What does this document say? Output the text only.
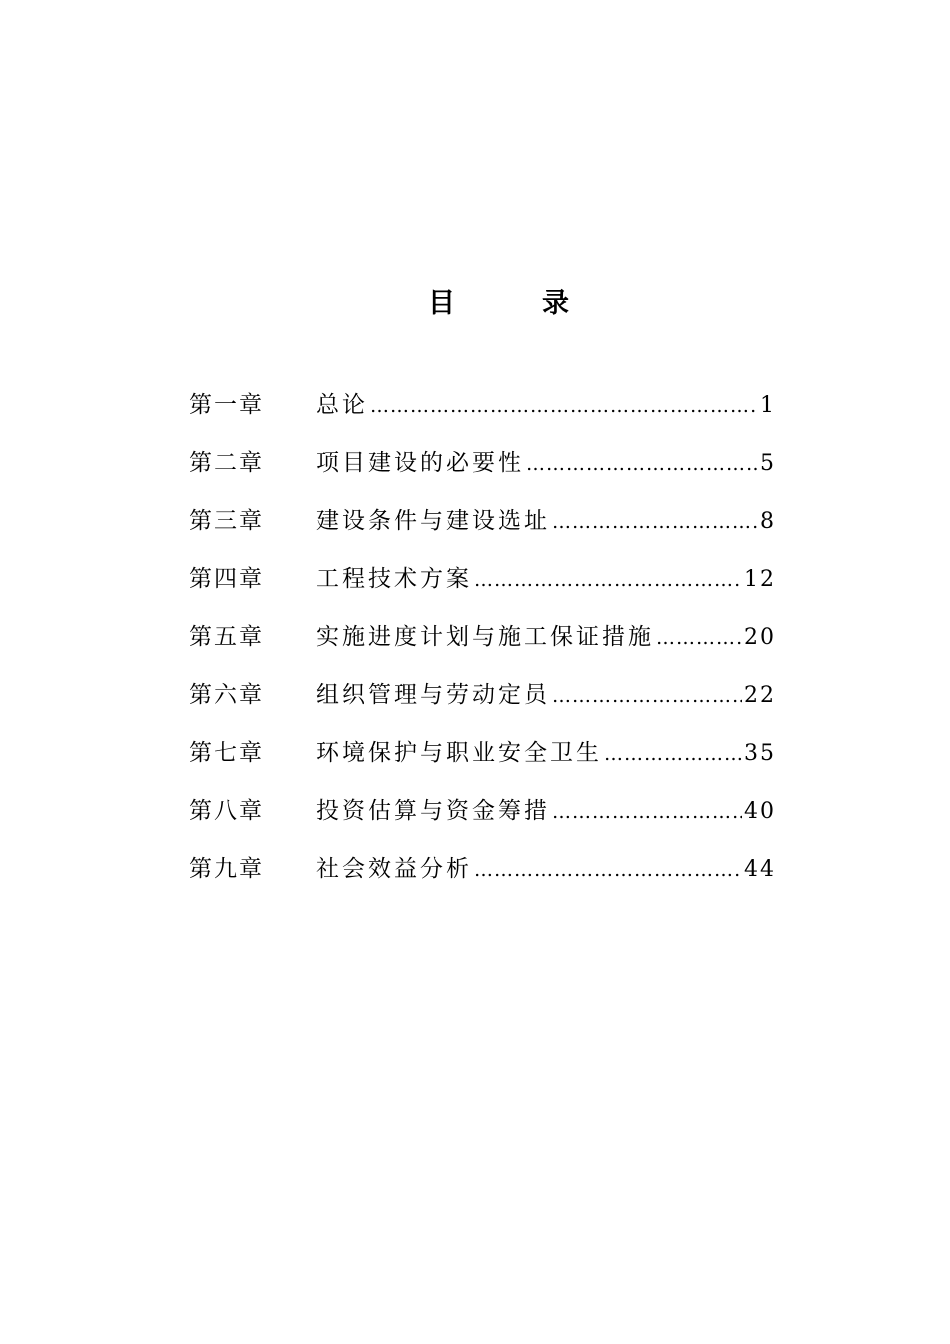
目	录
第一章 总论 …………………………………………………………………………………………	1
第二章 项目建设的必要性 …………………………………………………………………………………………	5
第三章 建设条件与建设选址 …………………………………………………………………………………………	8
第四章 工程技术方案 …………………………………………………………………………………………	12
第五章 实施进度计划与施工保证措施 …………………………………………………………………………………………	20
第六章 组织管理与劳动定员 …………………………………………………………………………………………	22
第七章 环境保护与职业安全卫生 …………………………………………………………………………………………	35
第八章 投资估算与资金筹措 …………………………………………………………………………………………	40
第九章 社会效益分析 …………………………………………………………………………………………	44
